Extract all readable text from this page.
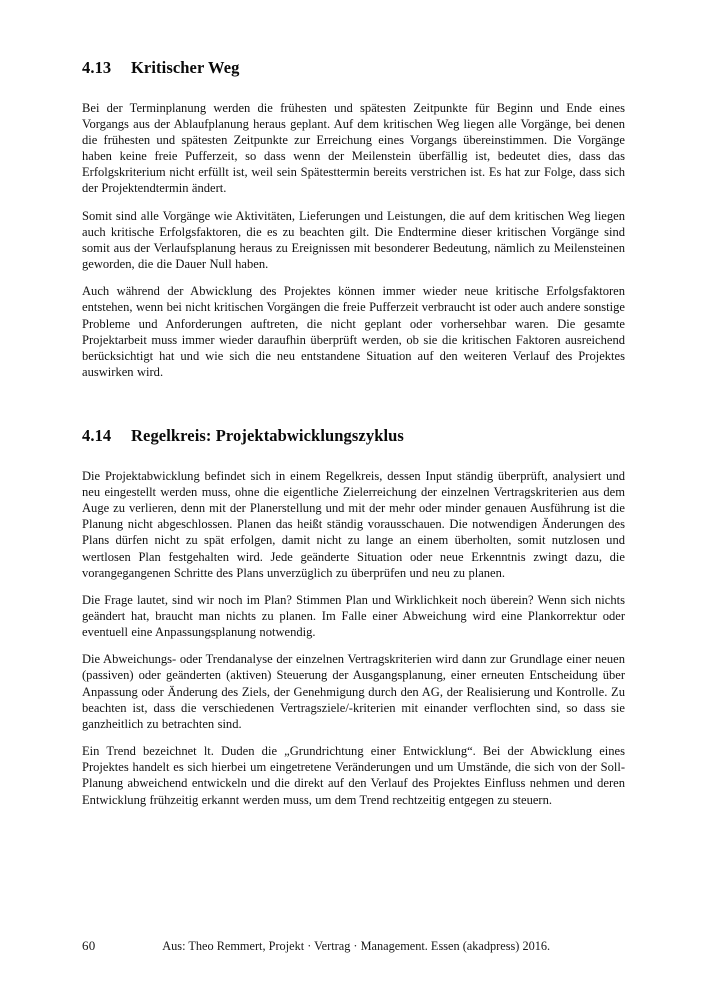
4.13	Kritischer Weg

Bei der Terminplanung werden die frühesten und spätesten Zeitpunkte für Beginn und Ende eines Vorgangs aus der Ablaufplanung heraus geplant. Auf dem kritischen Weg liegen alle Vorgänge, bei denen die frühesten und spätesten Zeitpunkte zur Erreichung eines Vorgangs übereinstimmen. Die Vorgänge haben keine freie Pufferzeit, so dass wenn der Meilenstein überfällig ist, bedeutet dies, dass das Erfolgskriterium nicht erfüllt ist, weil sein Spätesttermin bereits verstrichen ist. Es hat zur Folge, dass sich der Projektendtermin ändert.

Somit sind alle Vorgänge wie Aktivitäten, Lieferungen und Leistungen, die auf dem kritischen Weg liegen auch kritische Erfolgsfaktoren, die es zu beachten gilt. Die Endtermine dieser kritischen Vorgänge sind somit aus der Verlaufsplanung heraus zu Ereignissen mit besonderer Bedeutung, nämlich zu Meilensteinen geworden, die die Dauer Null haben.

Auch während der Abwicklung des Projektes können immer wieder neue kritische Erfolgsfaktoren entstehen, wenn bei nicht kritischen Vorgängen die freie Pufferzeit verbraucht ist oder auch andere sonstige Probleme und Anforderungen auftreten, die nicht geplant oder vorhersehbar waren. Die gesamte Projektarbeit muss immer wieder daraufhin überprüft werden, ob sie die kritischen Faktoren ausreichend berücksichtigt hat und wie sich die neu entstandene Situation auf den weiteren Verlauf des Projektes auswirken wird.

4.14	Regelkreis: Projektabwicklungszyklus

Die Projektabwicklung befindet sich in einem Regelkreis, dessen Input ständig überprüft, analysiert und neu eingestellt werden muss, ohne die eigentliche Zielerreichung der einzelnen Vertragskriterien aus dem Auge zu verlieren, denn mit der Planerstellung und mit der mehr oder minder genauen Ausführung ist die Planung nicht abgeschlossen. Planen das heißt ständig vorausschauen. Die notwendigen Änderungen des Plans dürfen nicht zu spät erfolgen, damit nicht zu lange an einem überholten, somit nutzlosen und wertlosen Plan festgehalten wird. Jede geänderte Situation oder neue Erkenntnis zwingt dazu, die vorangegangenen Schritte des Plans unverzüglich zu überprüfen und neu zu planen.

Die Frage lautet, sind wir noch im Plan? Stimmen Plan und Wirklichkeit noch überein? Wenn sich nichts geändert hat, braucht man nichts zu planen. Im Falle einer Abweichung wird eine Plankorrektur oder eventuell eine Anpassungsplanung notwendig.

Die Abweichungs- oder Trendanalyse der einzelnen Vertragskriterien wird dann zur Grundlage einer neuen (passiven) oder geänderten (aktiven) Steuerung der Ausgangsplanung, einer erneuten Entscheidung über Anpassung oder Änderung des Ziels, der Genehmigung durch den AG, der Realisierung und Kontrolle. Zu beachten ist, dass die verschiedenen Vertragsziele/-kriterien mit einander verflochten sind, so dass sie ganzheitlich zu betrachten sind.

Ein Trend bezeichnet lt. Duden die „Grundrichtung einer Entwicklung“. Bei der Abwicklung eines Projektes handelt es sich hierbei um eingetretene Veränderungen und um Umstände, die sich von der Soll-Planung abweichend entwickeln und die direkt auf den Verlauf des Projektes Einfluss nehmen und deren Entwicklung frühzeitig erkannt werden muss, um dem Trend rechtzeitig entgegen zu steuern.

60	Aus: Theo Remmert, Projekt · Vertrag · Management. Essen (akadpress) 2016.
